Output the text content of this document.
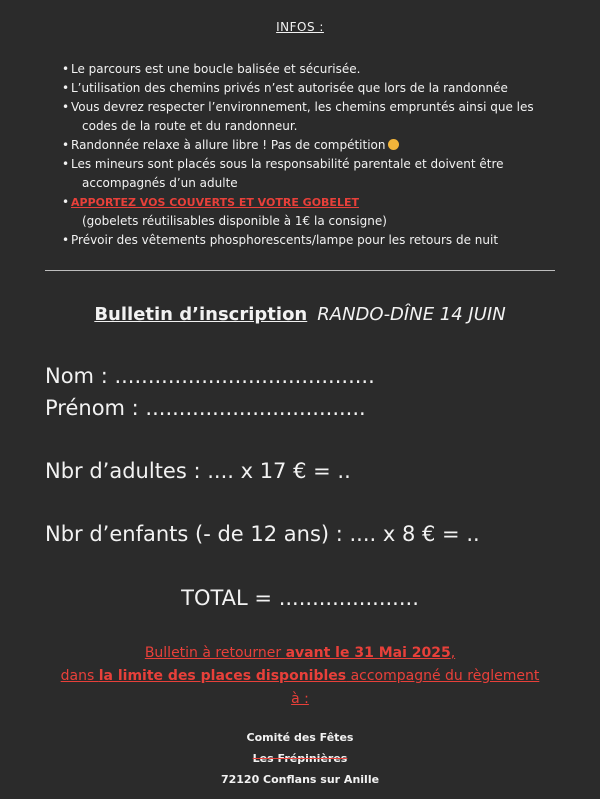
INFOS :
• Le parcours est une boucle balisée et sécurisée.
• L’utilisation des chemins privés n’est autorisée que lors de la randonnée
• Vous devrez respecter l’environnement, les chemins empruntés ainsi que les
codes de la route et du randonneur.
• Randonnée relaxe à allure libre ! Pas de compétition
• Les mineurs sont placés sous la responsabilité parentale et doivent être
accompagnés d’un adulte
• APPORTEZ VOS COUVERTS ET VOTRE GOBELET
(gobelets réutilisables disponible à 1€ la consigne)
• Prévoir des vêtements phosphorescents/lampe pour les retours de nuit
Bulletin d’inscription RANDO-DÎNE 14 JUIN
Nom : .......................................
Prénom : .................................
Nbr d’adultes : .... x 17 € = ..
Nbr d’enfants (- de 12 ans) : .... x 8 € = ..
TOTAL = .....................
Bulletin à retourner avant le 31 Mai 2025,
dans la limite des places disponibles accompagné du règlement
à :
Comité des Fêtes
Les Frépinières
72120 Conflans sur Anille
